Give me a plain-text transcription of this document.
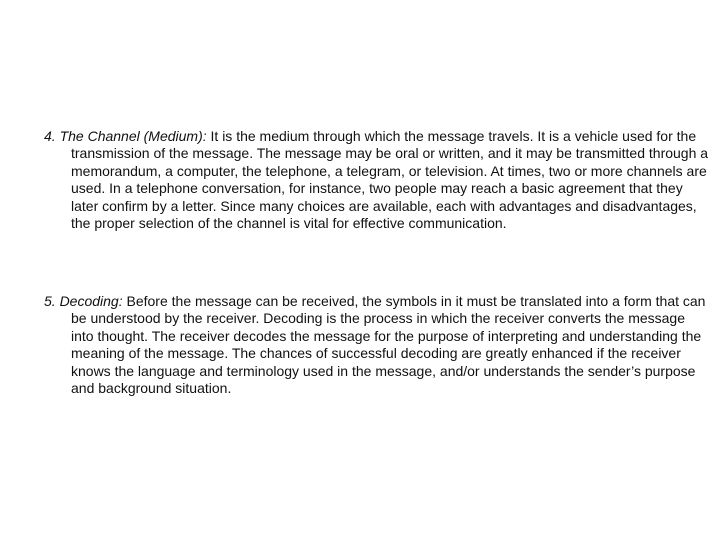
4. The Channel (Medium): It is the medium through which the message travels. It is a vehicle used for the transmission of the message. The message may be oral or written, and it may be transmitted through a memorandum, a computer, the telephone, a telegram, or television. At times, two or more channels are used. In a telephone conversation, for instance, two people may reach a basic agreement that they later confirm by a letter. Since many choices are available, each with advantages and disadvantages, the proper selection of the channel is vital for effective communication.

5. Decoding: Before the message can be received, the symbols in it must be translated into a form that can be understood by the receiver. Decoding is the process in which the receiver converts the message into thought. The receiver decodes the message for the purpose of interpreting and understanding the meaning of the message. The chances of successful decoding are greatly enhanced if the receiver knows the language and terminology used in the message, and/or understands the sender’s purpose and background situation.
